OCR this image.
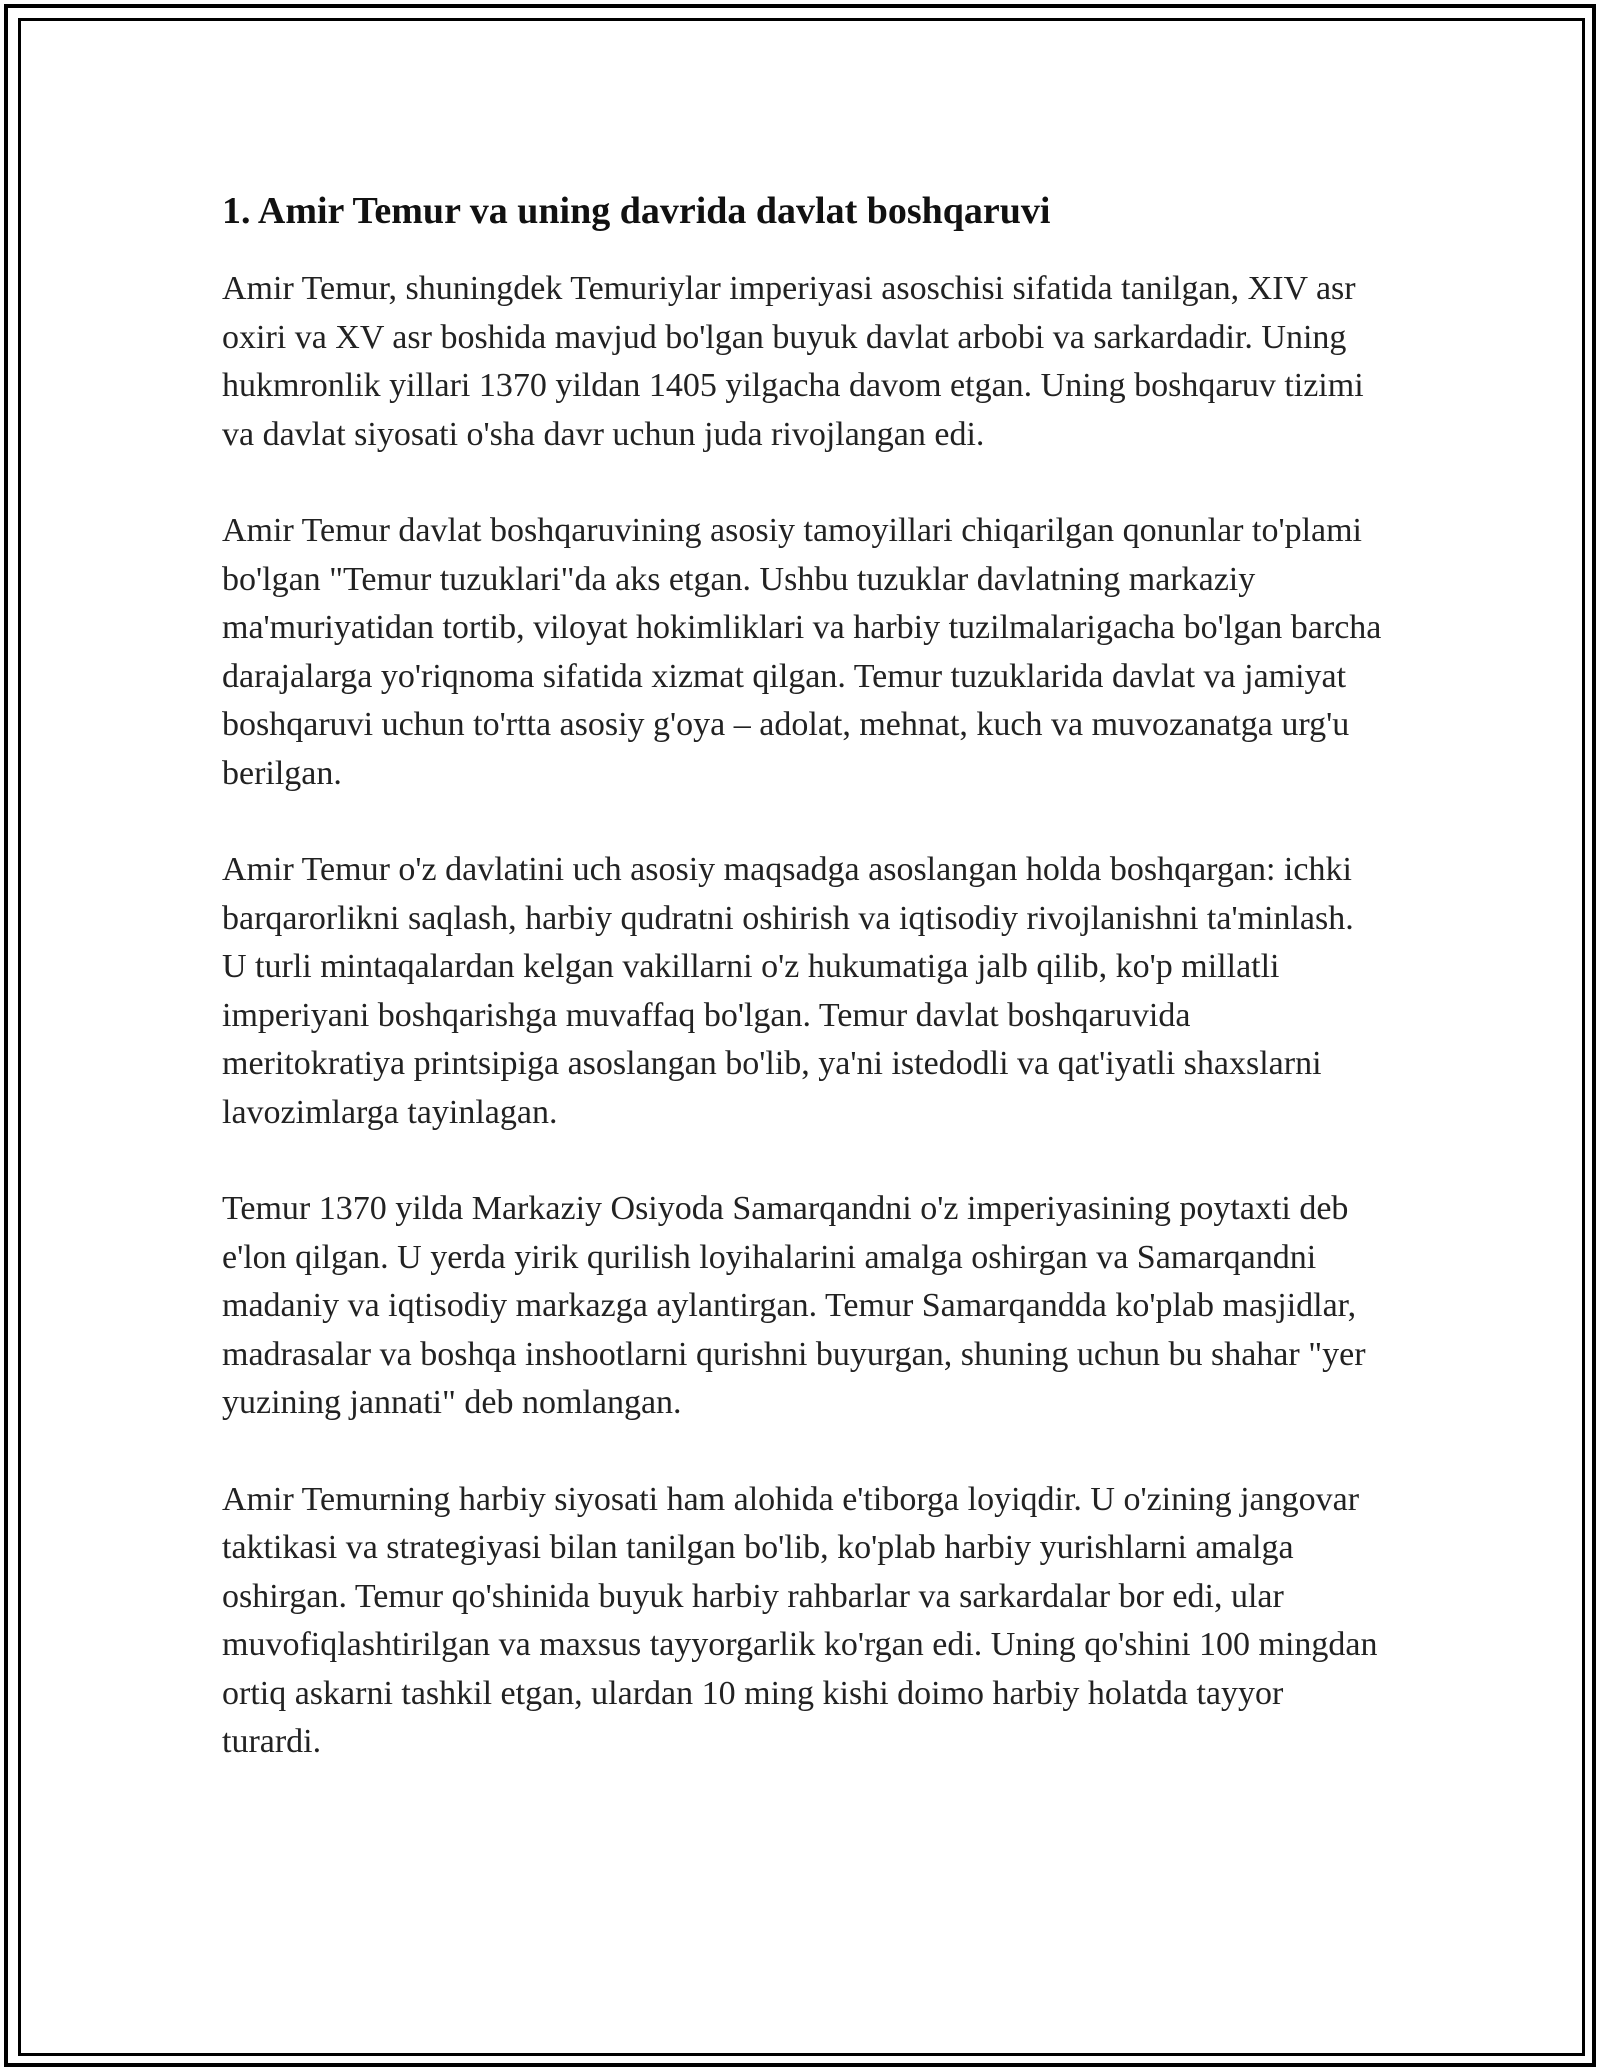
1. Amir Temur va uning davrida davlat boshqaruvi

Amir Temur, shuningdek Temuriylar imperiyasi asoschisi sifatida tanilgan, XIV asr oxiri va XV asr boshida mavjud bo'lgan buyuk davlat arbobi va sarkardadir. Uning hukmronlik yillari 1370 yildan 1405 yilgacha davom etgan. Uning boshqaruv tizimi va davlat siyosati o'sha davr uchun juda rivojlangan edi.

Amir Temur davlat boshqaruvining asosiy tamoyillari chiqarilgan qonunlar to'plami bo'lgan "Temur tuzuklari"da aks etgan. Ushbu tuzuklar davlatning markaziy ma'muriyatidan tortib, viloyat hokimliklari va harbiy tuzilmalarigacha bo'lgan barcha darajalarga yo'riqnoma sifatida xizmat qilgan. Temur tuzuklarida davlat va jamiyat boshqaruvi uchun to'rtta asosiy g'oya – adolat, mehnat, kuch va muvozanatga urg'u berilgan.

Amir Temur o'z davlatini uch asosiy maqsadga asoslangan holda boshqargan: ichki barqarorlikni saqlash, harbiy qudratni oshirish va iqtisodiy rivojlanishni ta'minlash. U turli mintaqalardan kelgan vakillarni o'z hukumatiga jalb qilib, ko'p millatli imperiyani boshqarishga muvaffaq bo'lgan. Temur davlat boshqaruvida meritokratiya printsipiga asoslangan bo'lib, ya'ni istedodli va qat'iyatli shaxslarni lavozimlarga tayinlagan.

Temur 1370 yilda Markaziy Osiyoda Samarqandni o'z imperiyasining poytaxti deb e'lon qilgan. U yerda yirik qurilish loyihalarini amalga oshirgan va Samarqandni madaniy va iqtisodiy markazga aylantirgan. Temur Samarqandda ko'plab masjidlar, madrasalar va boshqa inshootlarni qurishni buyurgan, shuning uchun bu shahar "yer yuzining jannati" deb nomlangan.

Amir Temurning harbiy siyosati ham alohida e'tiborga loyiqdir. U o'zining jangovar taktikasi va strategiyasi bilan tanilgan bo'lib, ko'plab harbiy yurishlarni amalga oshirgan. Temur qo'shinida buyuk harbiy rahbarlar va sarkardalar bor edi, ular muvofiqlashtirilgan va maxsus tayyorgarlik ko'rgan edi. Uning qo'shini 100 mingdan ortiq askarni tashkil etgan, ulardan 10 ming kishi doimo harbiy holatda tayyor turardi.
